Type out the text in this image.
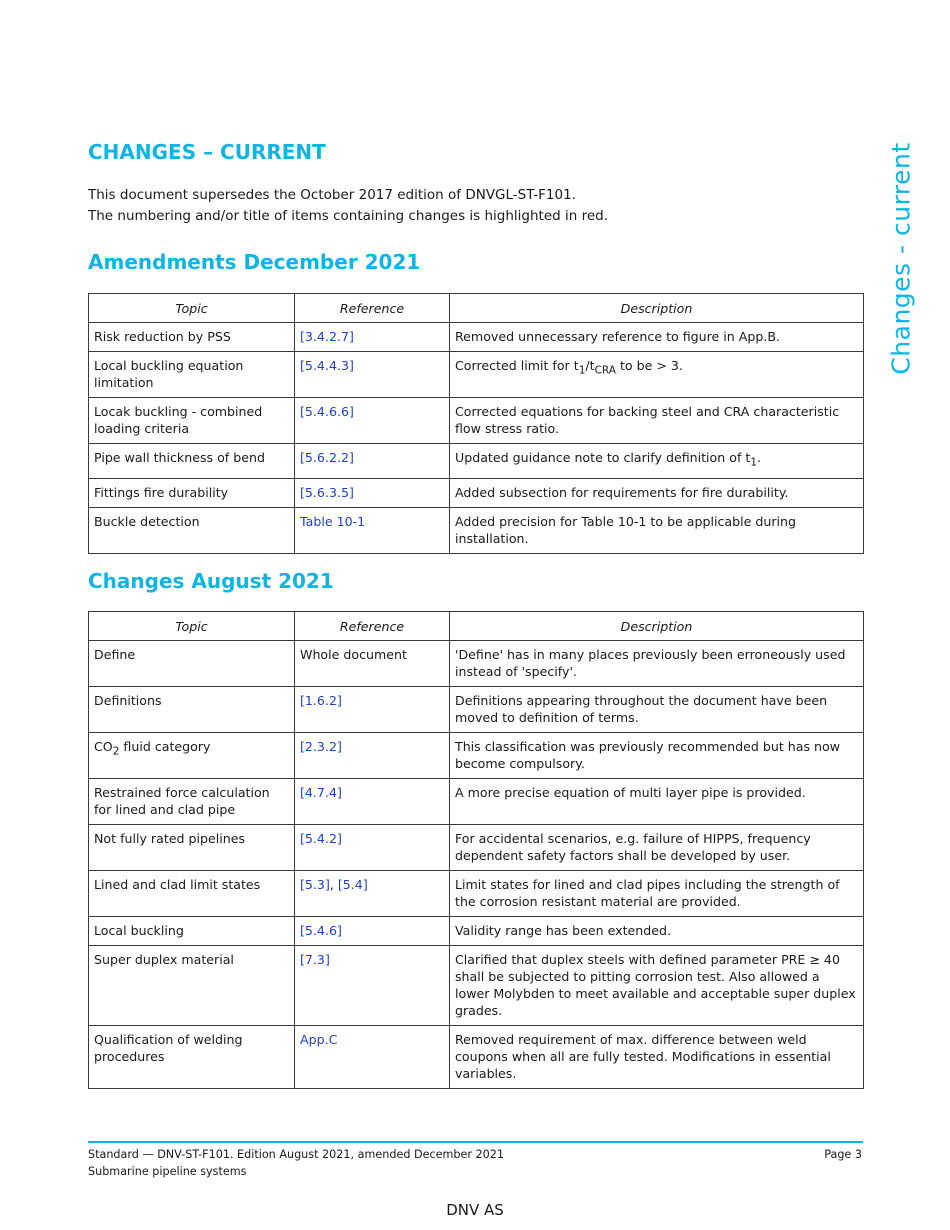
CHANGES – CURRENT	Changes - current
This document supersedes the October 2017 edition of DNVGL-ST-F101.
The numbering and/or title of items containing changes is highlighted in red.
Amendments December 2021
Topic	Reference	Description
Risk reduction by PSS	[3.4.2.7]	Removed unnecessary reference to figure in App.B.
Local buckling equation limitation	[5.4.4.3]	Corrected limit for $t_1/t_{CRA}$ to be > 3.
Locak buckling - combined loading criteria	[5.4.6.6]	Corrected equations for backing steel and CRA characteristic flow stress ratio.
Pipe wall thickness of bend	[5.6.2.2]	Updated guidance note to clarify definition of $t_1$.
Fittings fire durability	[5.6.3.5]	Added subsection for requirements for fire durability.
Buckle detection	Table 10-1	Added precision for Table 10-1 to be applicable during installation.
Changes August 2021
Topic	Reference	Description
Define	Whole document	'Define' has in many places previously been erroneously used instead of 'specify'.
Definitions	[1.6.2]	Definitions appearing throughout the document have been moved to definition of terms.
$CO_2$ fluid category	[2.3.2]	This classification was previously recommended but has now become compulsory.
Restrained force calculation for lined and clad pipe	[4.7.4]	A more precise equation of multi layer pipe is provided.
Not fully rated pipelines	[5.4.2]	For accidental scenarios, e.g. failure of HIPPS, frequency dependent safety factors shall be developed by user.
Lined and clad limit states	[5.3], [5.4]	Limit states for lined and clad pipes including the strength of the corrosion resistant material are provided.
Local buckling	[5.4.6]	Validity range has been extended.
Super duplex material	[7.3]	Clarified that duplex steels with defined parameter PRE ≥ 40 shall be subjected to pitting corrosion test. Also allowed a lower Molybden to meet available and acceptable super duplex grades.
Qualification of welding procedures	App.C	Removed requirement of max. difference between weld coupons when all are fully tested. Modifications in essential variables.
Standard — DNV-ST-F101. Edition August 2021, amended December 2021
Submarine pipeline systems
Page 3
DNV AS
